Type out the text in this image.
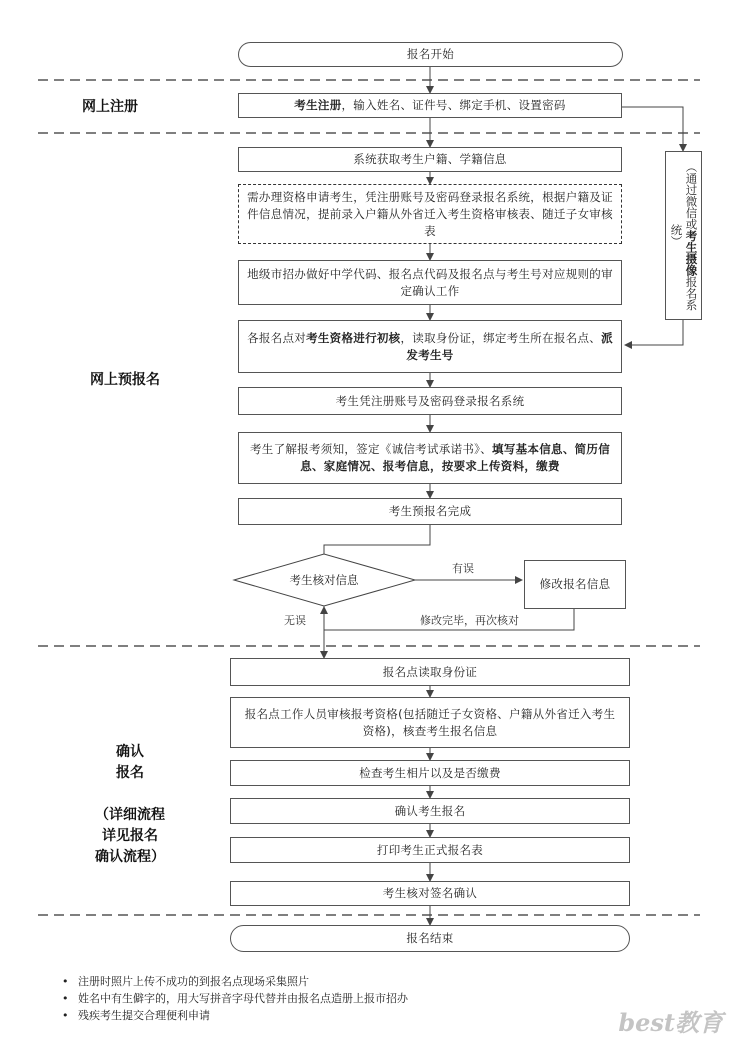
报名开始
报名结束
网上注册
网上预报名
确认
报名
（详细流程
详见报名
确认流程）
考生注册，输入姓名、证件号、绑定手机、设置密码
系统获取考生户籍、学籍信息
需办理资格申请考生，凭注册账号及密码登录报名系统，根据户籍及证件信息情况，提前录入户籍从外省迁入考生资格审核表、随迁子女审核表
地级市招办做好中学代码、报名点代码及报名点与考生号对应规则的审定确认工作
各报名点对考生资格进行初核，读取身份证，绑定考生所在报名点、派发考生号
考生凭注册账号及密码登录报名系统
考生了解报考须知，签定《诚信考试承诺书》、填写基本信息、简历信息、家庭情况、报考信息，按要求上传资料，缴费
考生预报名完成
（通过微信或考生摄像报名系统）
考生核对信息	修改报名信息
有误
无误	修改完毕，再次核对
报名点读取身份证
报名点工作人员审核报考资格(包括随迁子女资格、户籍从外省迁入考生资格)，核查考生报名信息
检查考生相片以及是否缴费
确认考生报名
打印考生正式报名表
考生核对签名确认
• 注册时照片上传不成功的到报名点现场采集照片
• 姓名中有生僻字的，用大写拼音字母代替并由报名点造册上报市招办
• 残疾考生提交合理便利申请	best教育
